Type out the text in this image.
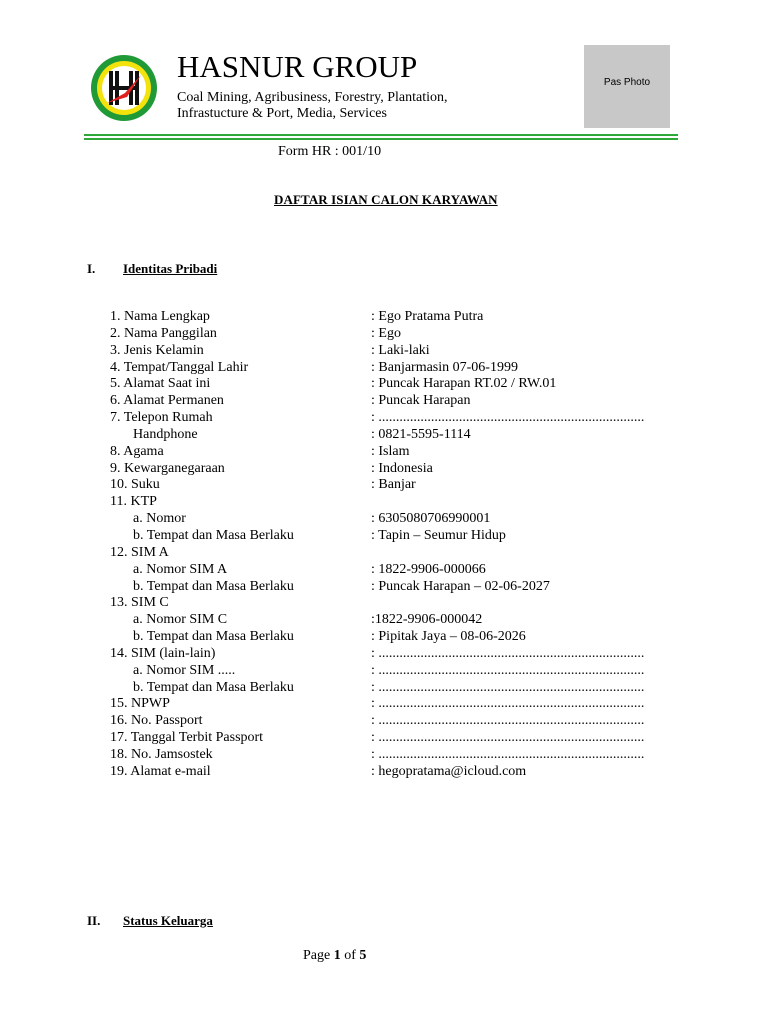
HASNUR GROUP
Coal Mining, Agribusiness, Forestry, Plantation,
Infrastucture & Port, Media, Services
Pas Photo
Form HR : 001/10
DAFTAR ISIAN CALON KARYAWAN
I. Identitas Pribadi
1. Nama Lengkap	: Ego Pratama Putra
2. Nama Panggilan	: Ego
3. Jenis Kelamin	: Laki-laki
4. Tempat/Tanggal Lahir	: Banjarmasin 07-06-1999
5. Alamat Saat ini	: Puncak Harapan RT.02 / RW.01
6. Alamat Permanen	: Puncak Harapan
7. Telepon Rumah	: ............................................................................
Handphone	: 0821-5595-1114
8. Agama	: Islam
9. Kewarganegaraan	: Indonesia
10. Suku	: Banjar
11. KTP
a. Nomor	: 6305080706990001
b. Tempat dan Masa Berlaku	: Tapin – Seumur Hidup
12. SIM A
a. Nomor SIM A	: 1822-9906-000066
b. Tempat dan Masa Berlaku	: Puncak Harapan – 02-06-2027
13. SIM C
a. Nomor SIM C	:1822-9906-000042
b. Tempat dan Masa Berlaku	: Pipitak Jaya – 08-06-2026
14. SIM (lain-lain)	: ............................................................................
a. Nomor SIM .....	: ............................................................................
b. Tempat dan Masa Berlaku	: ............................................................................
15. NPWP	: ............................................................................
16. No. Passport	: ............................................................................
17. Tanggal Terbit Passport	: ............................................................................
18. No. Jamsostek	: ............................................................................
19. Alamat e-mail	: hegopratama@icloud.com
II. Status Keluarga
Page 1 of 5
